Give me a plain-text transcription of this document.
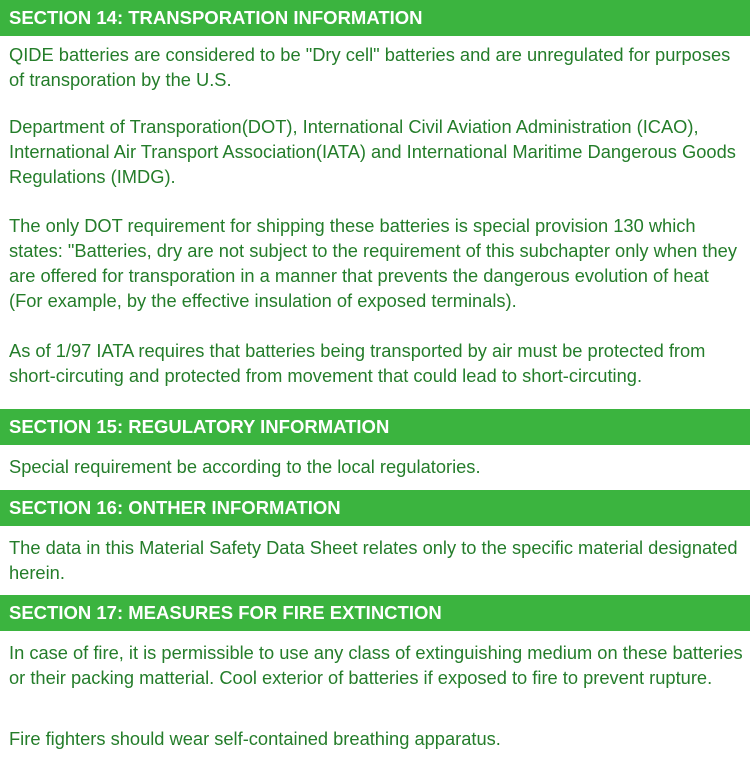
SECTION 14: TRANSPORATION INFORMATION

QIDE batteries are considered to be "Dry cell" batteries and are unregulated for purposes of transporation by the U.S.

Department of Transporation(DOT), International Civil Aviation Administration (ICAO), International Air Transport Association(IATA) and International Maritime Dangerous Goods Regulations (IMDG).

The only DOT requirement for shipping these batteries is special provision 130 which states: "Batteries, dry are not subject to the requirement of this subchapter only when they are offered for transporation in a manner that prevents the dangerous evolution of heat (For example, by the effective insulation of exposed terminals).

As of 1/97 IATA requires that batteries being transported by air must be protected from short-circuting and protected from movement that could lead to short-circuting.

SECTION 15: REGULATORY INFORMATION

Special requirement be according to the local regulatories.

SECTION 16: ONTHER INFORMATION

The data in this Material Safety Data Sheet relates only to the specific material designated herein.

SECTION 17: MEASURES FOR FIRE EXTINCTION

In case of fire, it is permissible to use any class of extinguishing medium on these batteries or their packing matterial. Cool exterior of batteries if exposed to fire to prevent rupture.

Fire fighters should wear self-contained breathing apparatus.
